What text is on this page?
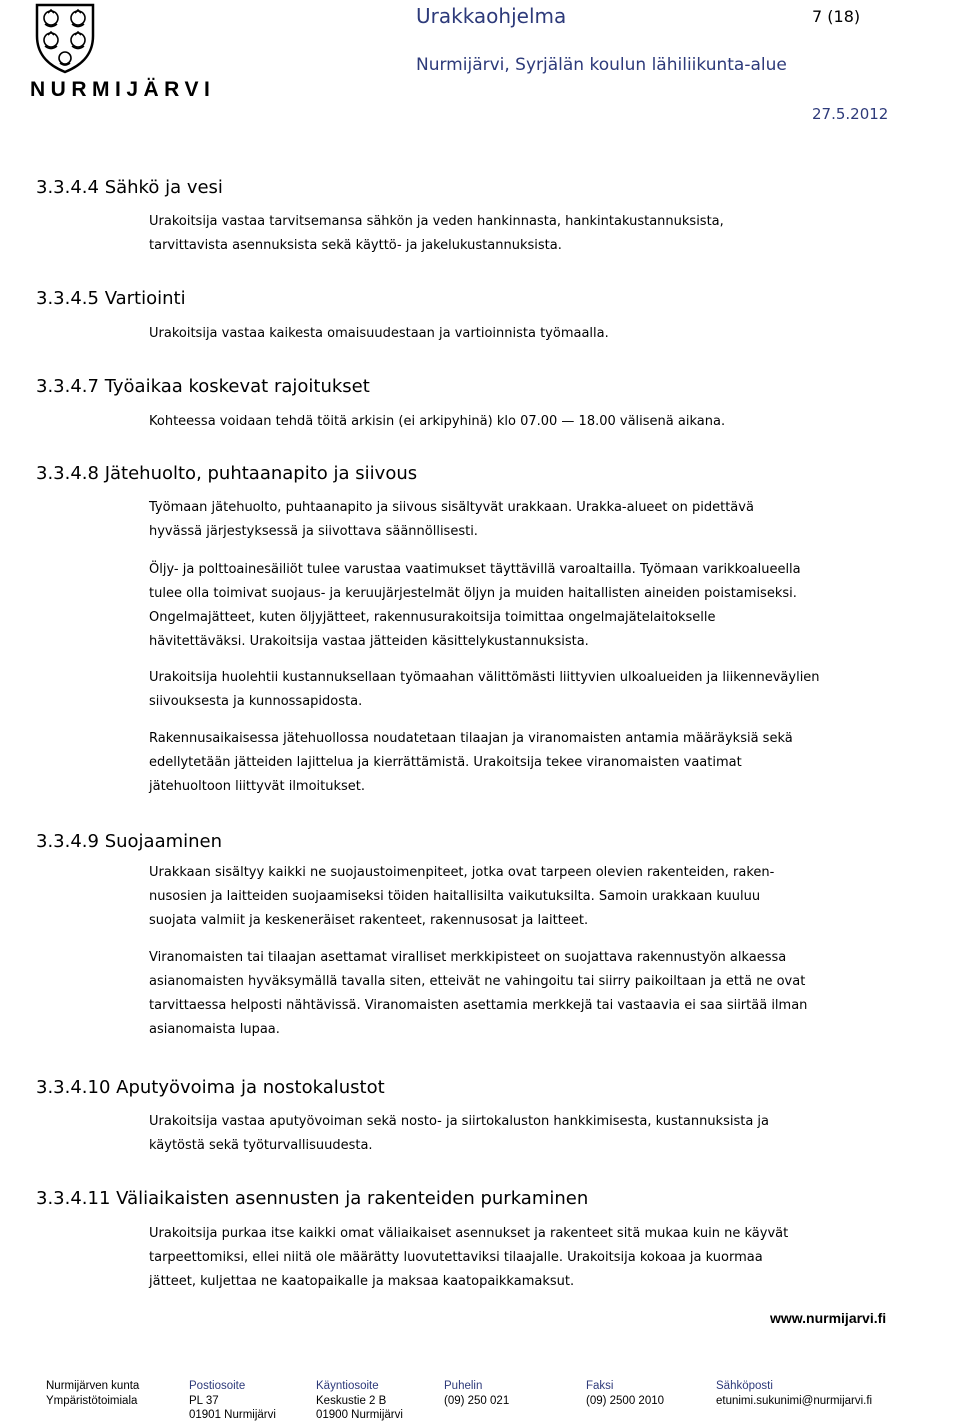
NURMIJÄRVI
Urakkaohjelma	7 (18)
Nurmijärvi, Syrjälän koulun lähiliikunta-alue
27.5.2012
3.3.4.4 Sähkö ja vesi

Urakoitsija vastaa tarvitsemansa sähkön ja veden hankinnasta, hankintakustannuksista,
tarvittavista asennuksista sekä käyttö- ja jakelukustannuksista.

3.3.4.5 Vartiointi

Urakoitsija vastaa kaikesta omaisuudestaan ja vartioinnista työmaalla.

3.3.4.7 Työaikaa koskevat rajoitukset

Kohteessa voidaan tehdä töitä arkisin (ei arkipyhinä) klo 07.00 — 18.00 välisenä aikana.

3.3.4.8 Jätehuolto, puhtaanapito ja siivous

Työmaan jätehuolto, puhtaanapito ja siivous sisältyvät urakkaan. Urakka-alueet on pidettävä
hyvässä järjestyksessä ja siivottava säännöllisesti.

Öljy- ja polttoainesäiliöt tulee varustaa vaatimukset täyttävillä varoaltailla. Työmaan varikkoalueella
tulee olla toimivat suojaus- ja keruujärjestelmät öljyn ja muiden haitallisten aineiden poistamiseksi.
Ongelmajätteet, kuten öljyjätteet, rakennusurakoitsija toimittaa ongelmajätelaitokselle
hävitettäväksi. Urakoitsija vastaa jätteiden käsittelykustannuksista.

Urakoitsija huolehtii kustannuksellaan työmaahan välittömästi liittyvien ulkoalueiden ja liikenneväylien
siivouksesta ja kunnossapidosta.

Rakennusaikaisessa jätehuollossa noudatetaan tilaajan ja viranomaisten antamia määräyksiä sekä
edellytetään jätteiden lajittelua ja kierrättämistä. Urakoitsija tekee viranomaisten vaatimat
jätehuoltoon liittyvät ilmoitukset.

3.3.4.9 Suojaaminen

Urakkaan sisältyy kaikki ne suojaustoimenpiteet, jotka ovat tarpeen olevien rakenteiden, raken-
nusosien ja laitteiden suojaamiseksi töiden haitallisilta vaikutuksilta. Samoin urakkaan kuuluu
suojata valmiit ja keskeneräiset rakenteet, rakennusosat ja laitteet.

Viranomaisten tai tilaajan asettamat viralliset merkkipisteet on suojattava rakennustyön alkaessa
asianomaisten hyväksymällä tavalla siten, etteivät ne vahingoitu tai siirry paikoiltaan ja että ne ovat
tarvittaessa helposti nähtävissä. Viranomaisten asettamia merkkejä tai vastaavia ei saa siirtää ilman
asianomaista lupaa.

3.3.4.10 Aputyövoima ja nostokalustot

Urakoitsija vastaa aputyövoiman sekä nosto- ja siirtokaluston hankkimisesta, kustannuksista ja
käytöstä sekä työturvallisuudesta.

3.3.4.11 Väliaikaisten asennusten ja rakenteiden purkaminen

Urakoitsija purkaa itse kaikki omat väliaikaiset asennukset ja rakenteet sitä mukaa kuin ne käyvät
tarpeettomiksi, ellei niitä ole määrätty luovutettaviksi tilaajalle. Urakoitsija kokoaa ja kuormaa
jätteet, kuljettaa ne kaatopaikalle ja maksaa kaatopaikkamaksut.

www.nurmijarvi.fi
Nurmijärven kunta
Ympäristötoimiala
Postiosoite
PL 37
01901 Nurmijärvi
Käyntiosoite
Keskustie 2 B
01900 Nurmijärvi
Puhelin
(09) 250 021
Faksi
(09) 2500 2010
Sähköposti
etunimi.sukunimi@nurmijarvi.fi
